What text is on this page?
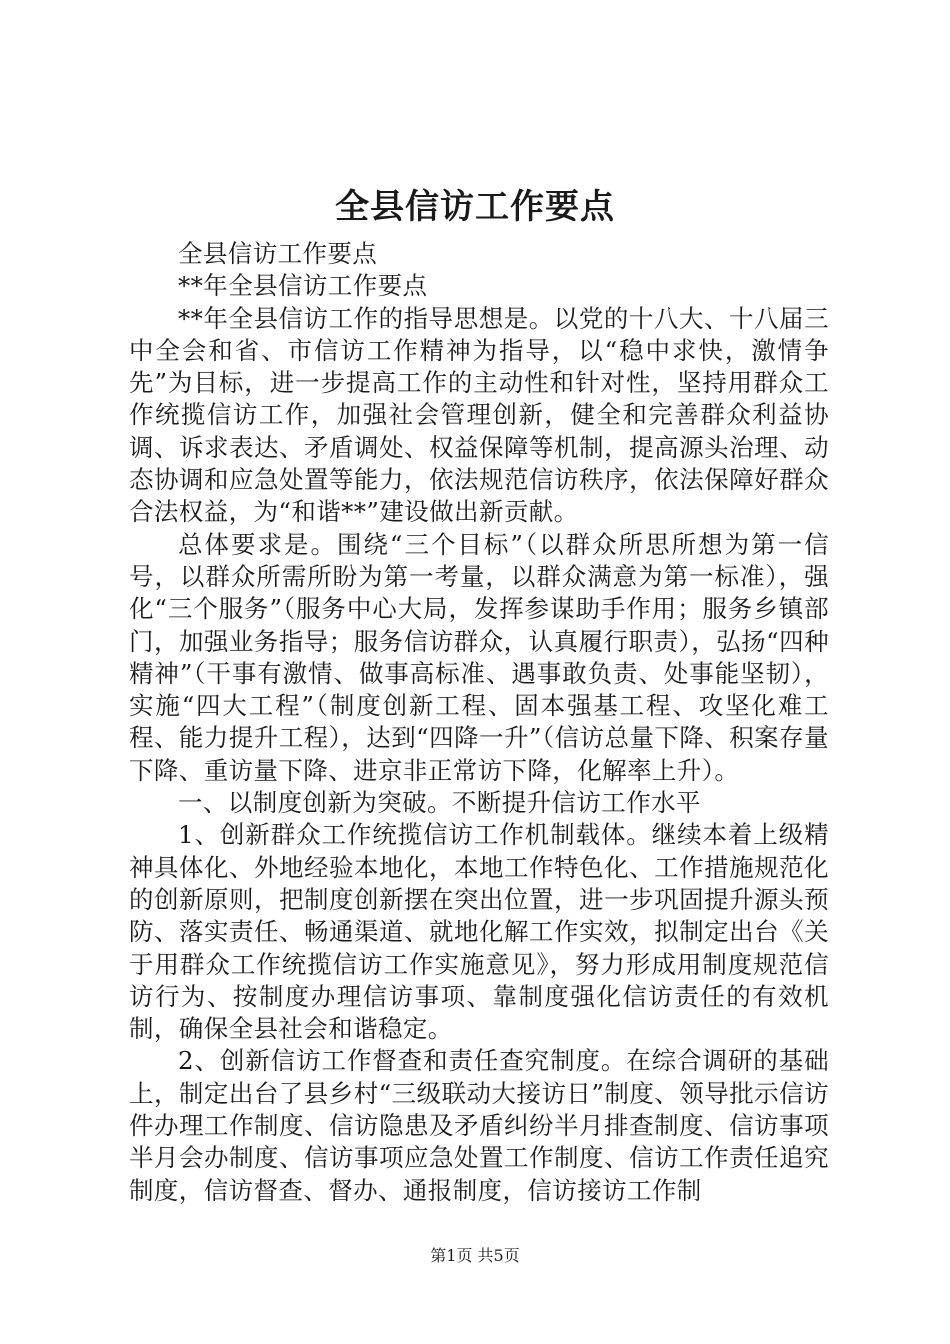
全县信访工作要点

全县信访工作要点

**年全县信访工作要点

**年全县信访工作的指导思想是。以党的十八大、十八届三中全会和省、市信访工作精神为指导，以“稳中求快，激情争先”为目标，进一步提高工作的主动性和针对性，坚持用群众工作统揽信访工作，加强社会管理创新，健全和完善群众利益协调、诉求表达、矛盾调处、权益保障等机制，提高源头治理、动态协调和应急处置等能力，依法规范信访秩序，依法保障好群众合法权益，为“和谐**”建设做出新贡献。

总体要求是。围绕“三个目标”（以群众所思所想为第一信号，以群众所需所盼为第一考量，以群众满意为第一标准），强化“三个服务”（服务中心大局，发挥参谋助手作用；服务乡镇部门，加强业务指导；服务信访群众，认真履行职责），弘扬“四种精神”（干事有激情、做事高标准、遇事敢负责、处事能坚韧），实施“四大工程”（制度创新工程、固本强基工程、攻坚化难工程、能力提升工程），达到“四降一升”（信访总量下降、积案存量下降、重访量下降、进京非正常访下降，化解率上升）。

一、以制度创新为突破。不断提升信访工作水平

1、创新群众工作统揽信访工作机制载体。继续本着上级精神具体化、外地经验本地化，本地工作特色化、工作措施规范化的创新原则，把制度创新摆在突出位置，进一步巩固提升源头预防、落实责任、畅通渠道、就地化解工作实效，拟制定出台《关于用群众工作统揽信访工作实施意见》，努力形成用制度规范信访行为、按制度办理信访事项、靠制度强化信访责任的有效机制，确保全县社会和谐稳定。

2、创新信访工作督查和责任查究制度。在综合调研的基础上，制定出台了县乡村“三级联动大接访日”制度、领导批示信访件办理工作制度、信访隐患及矛盾纠纷半月排查制度、信访事项半月会办制度、信访事项应急处置工作制度、信访工作责任追究制度，信访督查、督办、通报制度，信访接访工作制

第1页 共5页
